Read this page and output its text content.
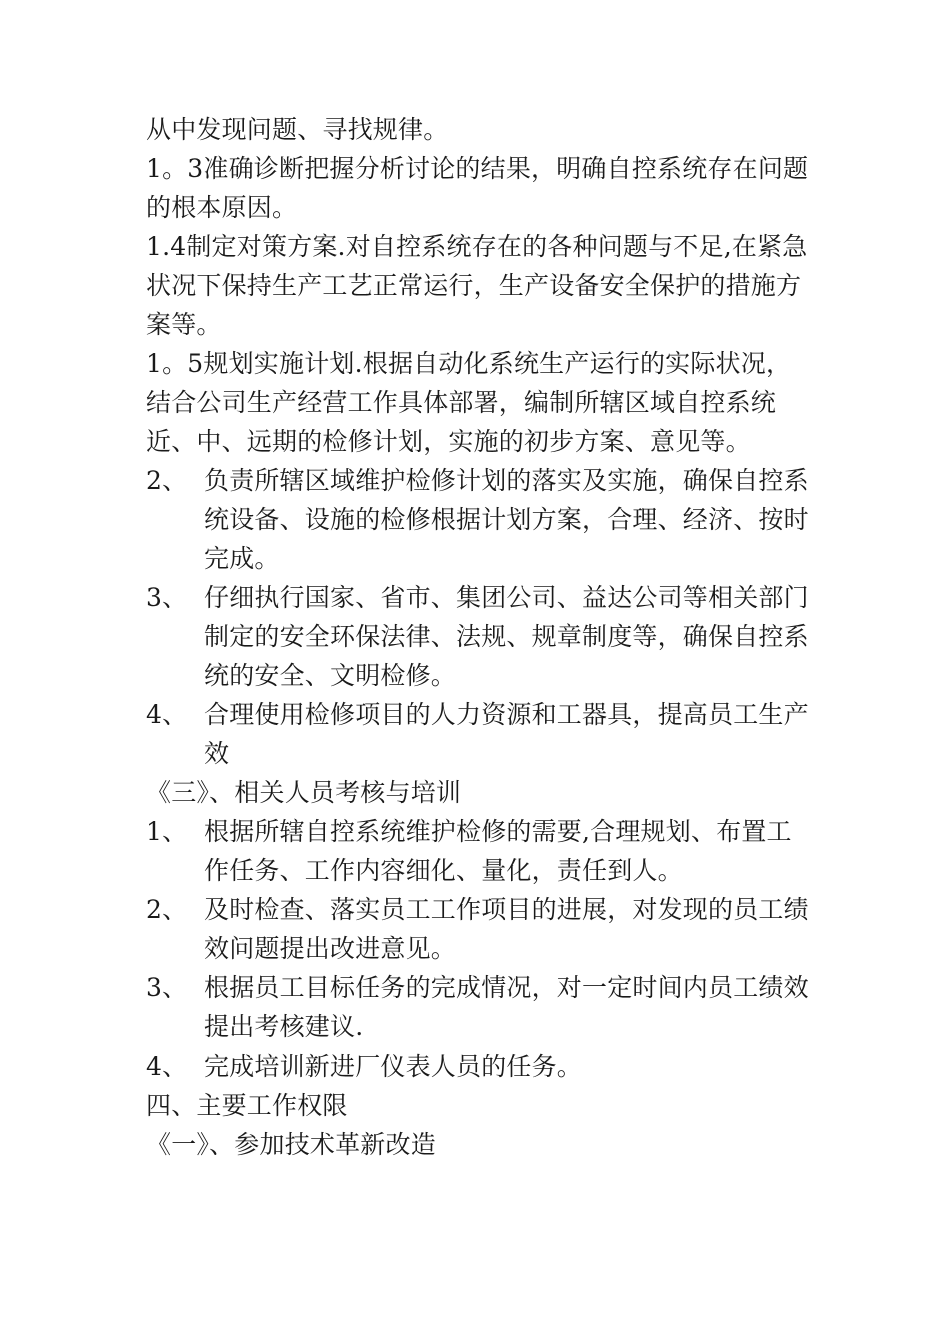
从中发现问题、寻找规律。

1。3准确诊断把握分析讨论的结果，明确自控系统存在问题的根本原因。

1.4制定对策方案.对自控系统存在的各种问题与不足,在紧急状况下保持生产工艺正常运行，生产设备安全保护的措施方案等。

1。5规划实施计划.根据自动化系统生产运行的实际状况，结合公司生产经营工作具体部署，编制所辖区域自控系统近、中、远期的检修计划，实施的初步方案、意见等。

2、 负责所辖区域维护检修计划的落实及实施，确保自控系统设备、设施的检修根据计划方案，合理、经济、按时完成。
3、 仔细执行国家、省市、集团公司、益达公司等相关部门制定的安全环保法律、法规、规章制度等，确保自控系统的安全、文明检修。
4、 合理使用检修项目的人力资源和工器具，提高员工生产效

《三》、相关人员考核与培训

1、 根据所辖自控系统维护检修的需要,合理规划、布置工作任务、工作内容细化、量化，责任到人。
2、 及时检查、落实员工工作项目的进展，对发现的员工绩效问题提出改进意见。
3、 根据员工目标任务的完成情况，对一定时间内员工绩效提出考核建议.
4、 完成培训新进厂仪表人员的任务。

四、主要工作权限

《一》、参加技术革新改造
